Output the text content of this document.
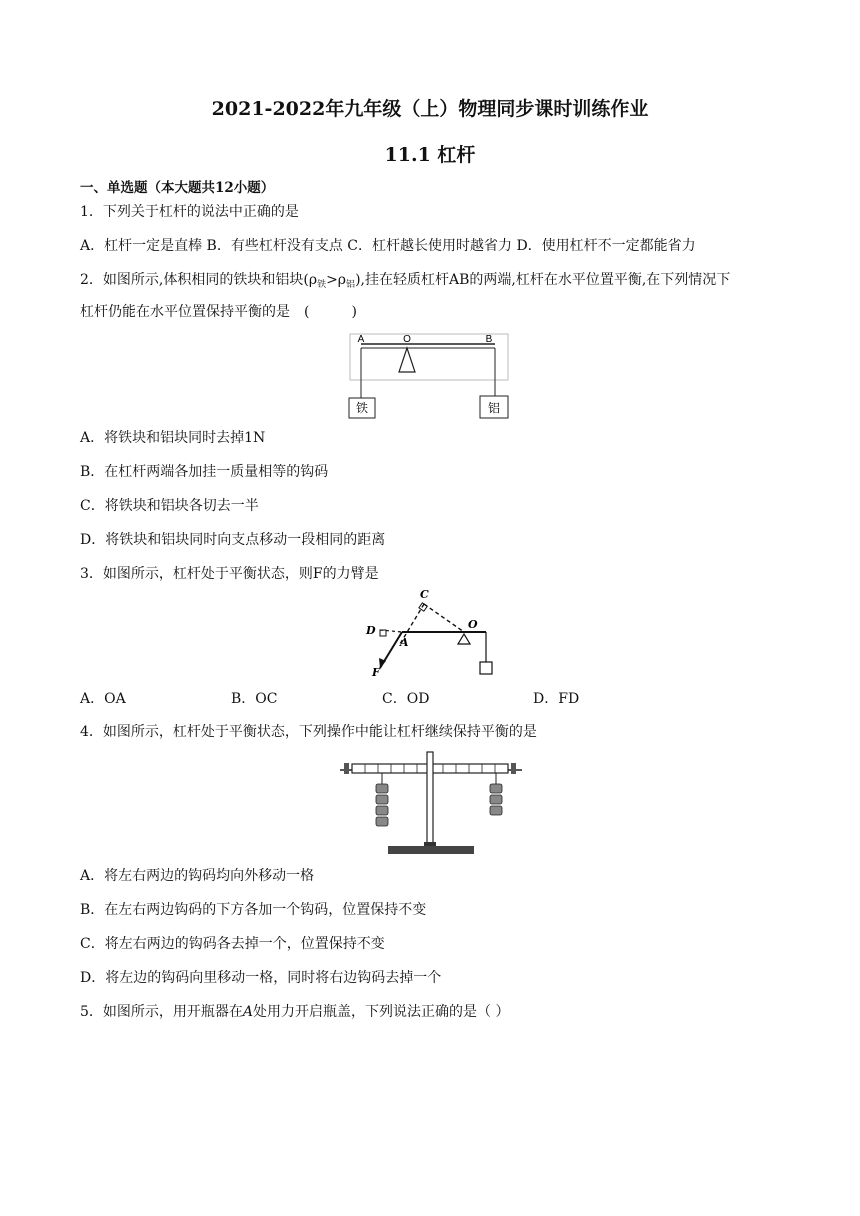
2021-2022年九年级（上）物理同步课时训练作业
11.1 杠杆
一、单选题（本大题共12小题）
1．下列关于杠杆的说法中正确的是
A．杠杆一定是直棒 B．有些杠杆没有支点 C．杠杆越长使用时越省力 D．使用杠杆不一定都能省力
2．如图所示,体积相同的铁块和铝块$(\rho_铁>\rho_铝)$,挂在轻质杠杆AB的两端,杠杆在水平位置平衡,在下列情况下
杠杆仍能在水平位置保持平衡的是　(　　　)
A	O	B
铁	铝
A．将铁块和铝块同时去掉1N
B．在杠杆两端各加挂一质量相等的钩码
C．将铁块和铝块各切去一半
D．将铁块和铝块同时向支点移动一段相同的距离
3．如图所示，杠杆处于平衡状态，则F的力臂是
C
D
A
O
F
A．OA	B．OC	C．OD	D．FD
4．如图所示，杠杆处于平衡状态，下列操作中能让杠杆继续保持平衡的是
A．将左右两边的钩码均向外移动一格
B．在左右两边钩码的下方各加一个钩码，位置保持不变
C．将左右两边的钩码各去掉一个，位置保持不变
D．将左边的钩码向里移动一格，同时将右边钩码去掉一个
5．如图所示，用开瓶器在A处用力开启瓶盖，下列说法正确的是（ ）
